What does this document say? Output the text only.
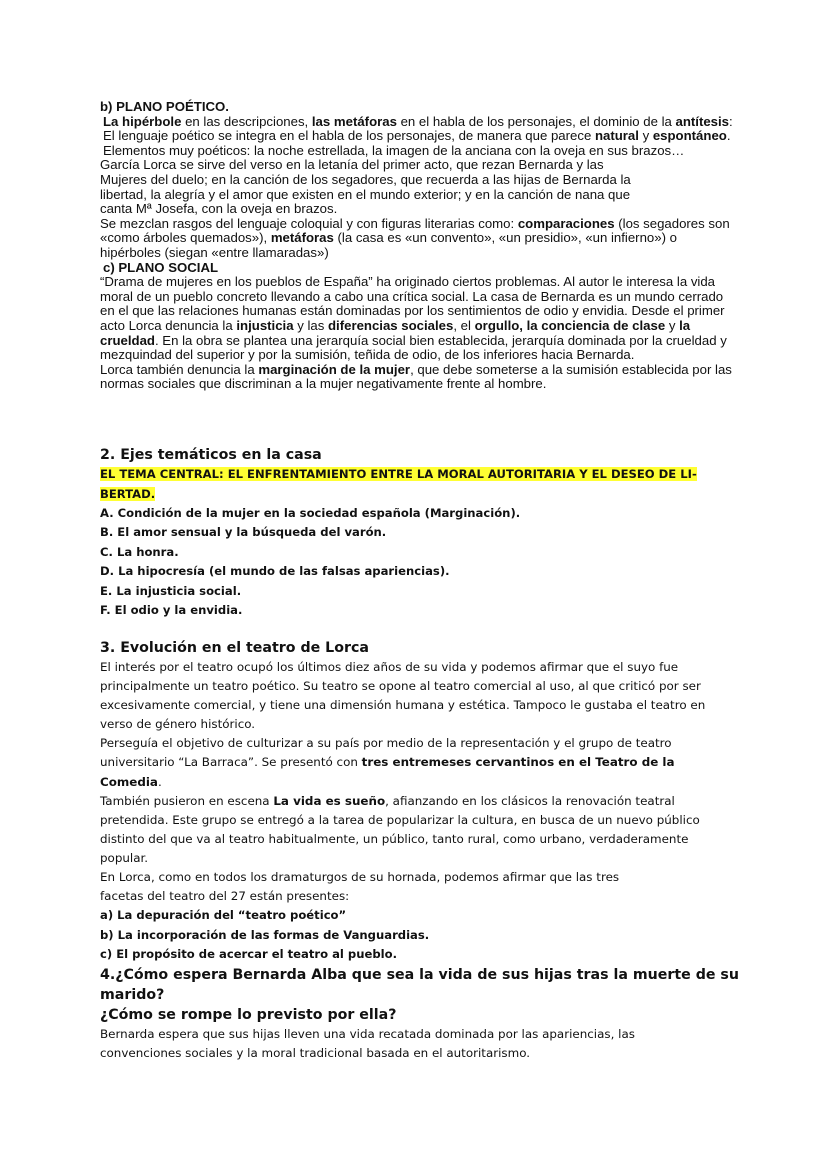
b) PLANO POÉTICO.

La hipérbole en las descripciones, las metáforas en el habla de los personajes, el dominio de la antítesis: El lenguaje poético se integra en el habla de los personajes, de manera que parece natural y espontáneo. Elementos muy poéticos: la noche estrellada, la imagen de la anciana con la oveja en sus brazos…

García Lorca se sirve del verso en la letanía del primer acto, que rezan Bernarda y las

Mujeres del duelo; en la canción de los segadores, que recuerda a las hijas de Bernarda la

libertad, la alegría y el amor que existen en el mundo exterior; y en la canción de nana que

canta Mª Josefa, con la oveja en brazos.

Se mezclan rasgos del lenguaje coloquial y con figuras literarias como: comparaciones (los segadores son «como árboles quemados»), metáforas (la casa es «un convento», «un presidio», «un infierno») o hipérboles (siegan «entre llamaradas»)

c) PLANO SOCIAL

“Drama de mujeres en los pueblos de España” ha originado ciertos problemas. Al autor le interesa la vida moral de un pueblo concreto llevando a cabo una crítica social. La casa de Bernarda es un mundo cerrado en el que las relaciones humanas están dominadas por los sentimientos de odio y envidia. Desde el primer acto Lorca denuncia la injusticia y las diferencias sociales, el orgullo, la conciencia de clase y la crueldad. En la obra se plantea una jerarquía social bien establecida, jerarquía dominada por la crueldad y mezquindad del superior y por la sumisión, teñida de odio, de los inferiores hacia Bernarda.

Lorca también denuncia la marginación de la mujer, que debe someterse a la sumisión establecida por las normas sociales que discriminan a la mujer negativamente frente al hombre.

2. Ejes temáticos en la casa

EL TEMA CENTRAL: EL ENFRENTAMIENTO ENTRE LA MORAL AUTORITARIA Y EL DESEO DE LI-

BERTAD.

A. Condición de la mujer en la sociedad española (Marginación).

B. El amor sensual y la búsqueda del varón.

C. La honra.

D. La hipocresía (el mundo de las falsas apariencias).

E. La injusticia social.

F. El odio y la envidia.

3. Evolución en el teatro de Lorca

El interés por el teatro ocupó los últimos diez años de su vida y podemos afirmar que el suyo fue

principalmente un teatro poético. Su teatro se opone al teatro comercial al uso, al que criticó por ser

excesivamente comercial, y tiene una dimensión humana y estética. Tampoco le gustaba el teatro en

verso de género histórico.

Perseguía el objetivo de culturizar a su país por medio de la representación y el grupo de teatro

universitario “La Barraca”. Se presentó con tres entremeses cervantinos en el Teatro de la Comedia.

También pusieron en escena La vida es sueño, afianzando en los clásicos la renovación teatral

pretendida. Este grupo se entregó a la tarea de popularizar la cultura, en busca de un nuevo público

distinto del que va al teatro habitualmente, un público, tanto rural, como urbano, verdaderamente

popular.

En Lorca, como en todos los dramaturgos de su hornada, podemos afirmar que las tres

facetas del teatro del 27 están presentes:

a) La depuración del “teatro poético”

b) La incorporación de las formas de Vanguardias.

c) El propósito de acercar el teatro al pueblo.

4.¿Cómo espera Bernarda Alba que sea la vida de sus hijas tras la muerte de su marido?

¿Cómo se rompe lo previsto por ella?

Bernarda espera que sus hijas lleven una vida recatada dominada por las apariencias, las

convenciones sociales y la moral tradicional basada en el autoritarismo.
